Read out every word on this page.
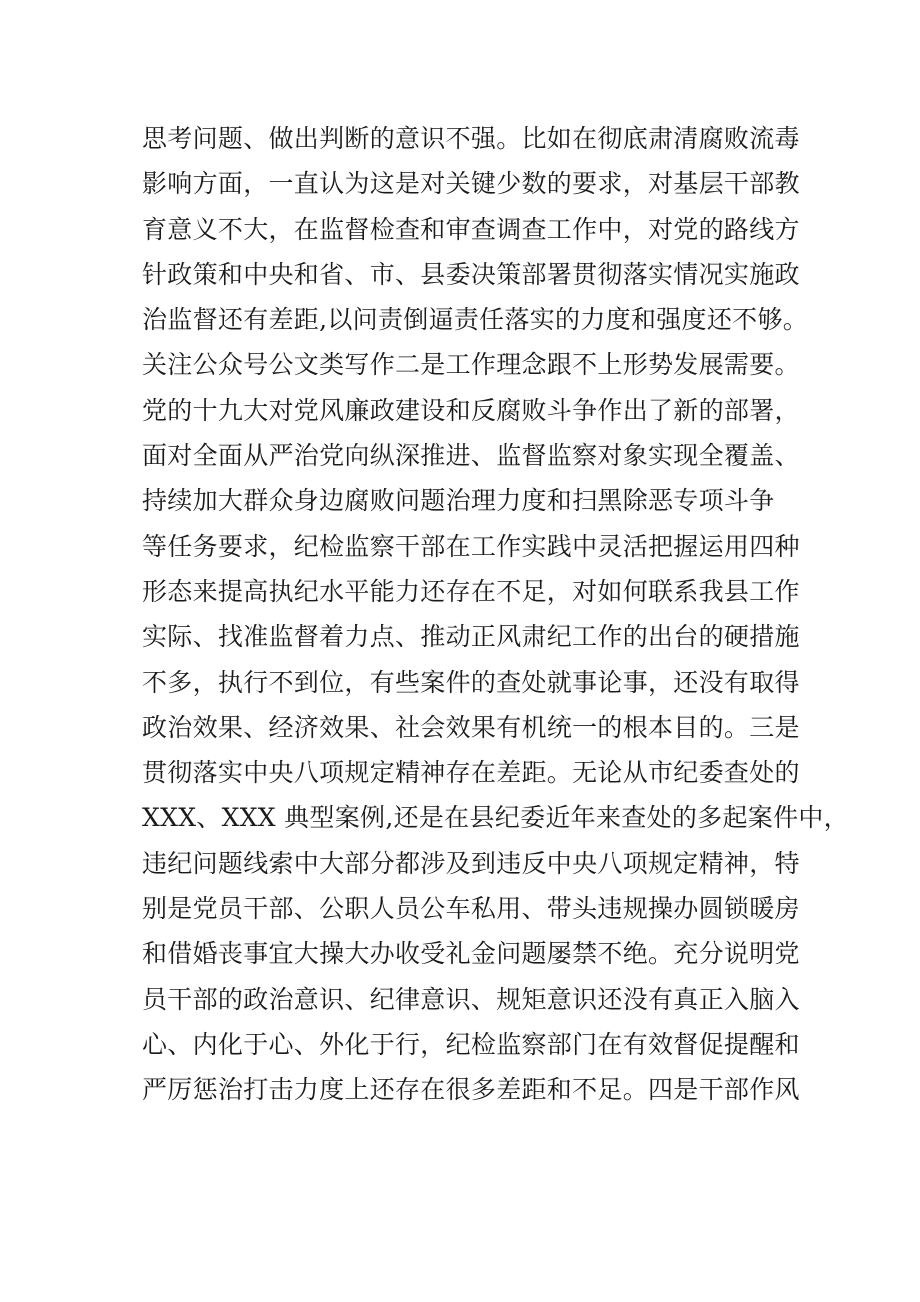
思考问题、做出判断的意识不强。比如在彻底肃清腐败流毒
影响方面，一直认为这是对关键少数的要求，对基层干部教
育意义不大，在监督检查和审查调查工作中，对党的路线方
针政策和中央和省、市、县委决策部署贯彻落实情况实施政
治监督还有差距,以问责倒逼责任落实的力度和强度还不够。
关注公众号公文类写作二是工作理念跟不上形势发展需要。
党的十九大对党风廉政建设和反腐败斗争作出了新的部署，
面对全面从严治党向纵深推进、监督监察对象实现全覆盖、
持续加大群众身边腐败问题治理力度和扫黑除恶专项斗争
等任务要求，纪检监察干部在工作实践中灵活把握运用四种
形态来提高执纪水平能力还存在不足，对如何联系我县工作
实际、找准监督着力点、推动正风肃纪工作的出台的硬措施
不多，执行不到位，有些案件的查处就事论事，还没有取得
政治效果、经济效果、社会效果有机统一的根本目的。三是
贯彻落实中央八项规定精神存在差距。无论从市纪委查处的
XXX、XXX 典型案例,还是在县纪委近年来查处的多起案件中，
违纪问题线索中大部分都涉及到违反中央八项规定精神，特
别是党员干部、公职人员公车私用、带头违规操办圆锁暖房
和借婚丧事宜大操大办收受礼金问题屡禁不绝。充分说明党
员干部的政治意识、纪律意识、规矩意识还没有真正入脑入
心、内化于心、外化于行，纪检监察部门在有效督促提醒和
严厉惩治打击力度上还存在很多差距和不足。四是干部作风
